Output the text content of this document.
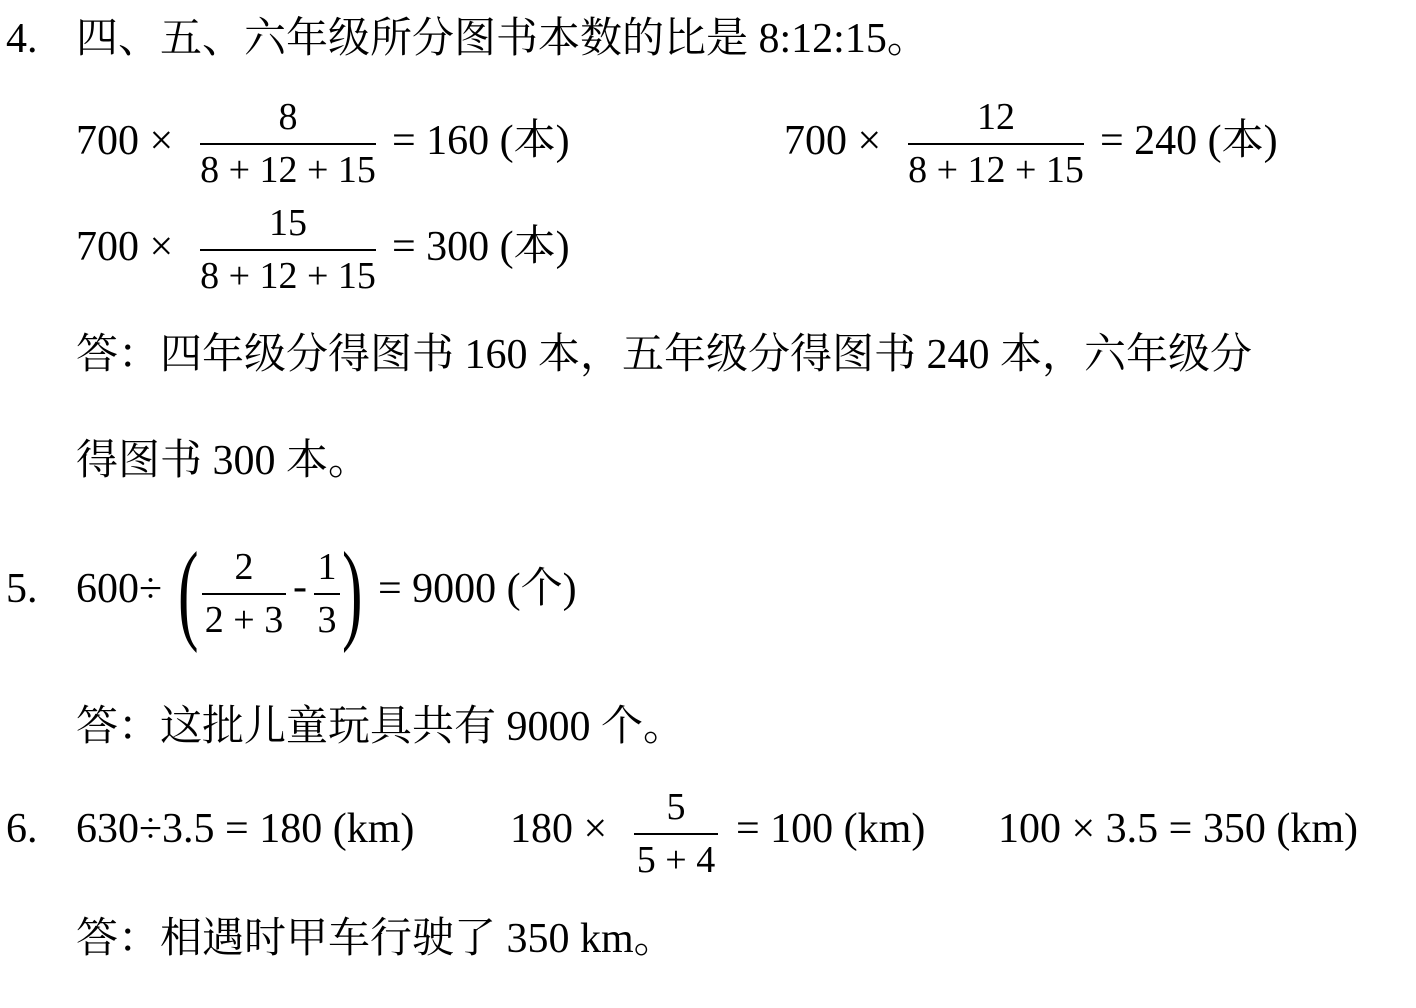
4. 四、五、六年级所分图书本数的比是 8:12:15。
700 ×
8
8 + 12 + 15
= 160 (本)	700 ×
12
8 + 12 + 15
= 240 (本)
700 ×
15
8 + 12 + 15
= 300 (本)
答：四年级分得图书 160 本，五年级分得图书 240 本，六年级分
得图书 300 本。
5. 600÷ ( 2
2 + 3
- 1
3 ) = 9000 (个)
答：这批儿童玩具共有 9000 个。
6. 630÷3.5 = 180 (km) 180 × 5
5 + 4
= 100 (km) 100 × 3.5 = 350 (km)
答：相遇时甲车行驶了 350 km。
